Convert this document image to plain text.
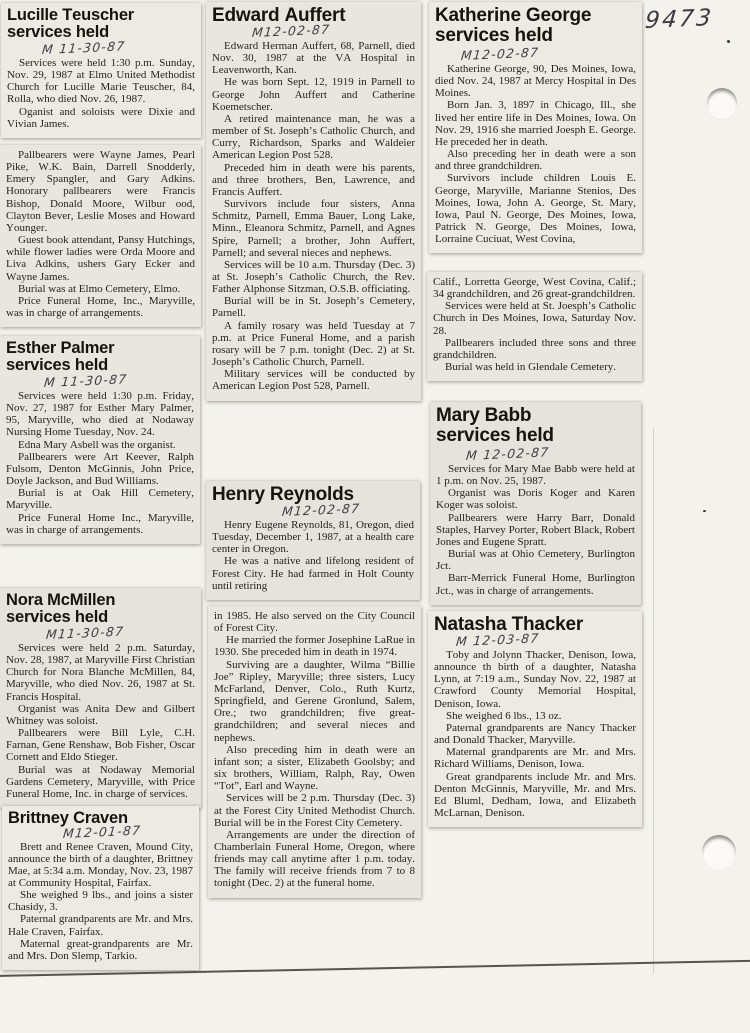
9473
Lucille Teuscher
services held
M 11-30-87

Services were held 1:30 p.m. Sunday, Nov. 29, 1987 at Elmo United Methodist Church for Lucille Marie Teuscher, 84, Rolla, who died Nov. 26, 1987.

Oganist and soloists were Dixie and Vivian James.

Pallbearers were Wayne James, Pearl Pike, W.K. Bain, Darrell Snodderly, Emery Spangler, and Gary Adkins. Honorary pallbearers were Francis Bishop, Donald Moore, Wilbur ood, Clayton Bever, Leslie Moses and Howard Younger.

Guest book attendant, Pansy Hutchings, while flower ladies were Orda Moore and Liva Adkins, ushers Gary Ecker and Wayne James.

Burial was at Elmo Cemetery, Elmo.

Price Funeral Home, Inc., Maryville, was in charge of arrangements.

Esther Palmer
services held
M 11-30-87

Services were held 1:30 p.m. Friday, Nov. 27, 1987 for Esther Mary Palmer, 95, Maryville, who died at Nodaway Nursing Home Tuesday, Nov. 24.

Edna Mary Asbell was the organist.

Pallbearers were Art Keever, Ralph Fulsom, Denton McGinnis, John Price, Doyle Jackson, and Bud Williams.

Burial is at Oak Hill Cemetery, Maryville.

Price Funeral Home Inc., Maryville, was in charge of arrangements.

Nora McMillen
services held
M11-30-87

Services were held 2 p.m. Saturday, Nov. 28, 1987, at Maryville First Christian Church for Nora Blanche McMillen, 84, Maryville, who died Nov. 26, 1987 at St. Francis Hospital.

Organist was Anita Dew and Gilbert Whitney was soloist.

Pallbearers were Bill Lyle, C.H. Farnan, Gene Renshaw, Bob Fisher, Oscar Cornett and Eldo Stieger.

Burial was at Nodaway Memorial Gardens Cemetery, Maryville, with Price Funeral Home, Inc. in charge of services.

Brittney Craven
M12-01-87

Brett and Renee Craven, Mound City, announce the birth of a daughter, Brittney Mae, at 5:34 a.m. Monday, Nov. 23, 1987 at Community Hospital, Fairfax.

She weighed 9 lbs., and joins a sister Chasidy, 3.

Paternal grandparents are Mr. and Mrs. Hale Craven, Fairfax.

Maternal great-grandparents are Mr. and Mrs. Don Slemp, Tarkio.

Edward Auffert
M12-02-87

Edward Herman Auffert, 68, Parnell, died Nov. 30, 1987 at the VA Hospital in Leavenworth, Kan.

He was born Sept. 12, 1919 in Parnell to George John Auffert and Catherine Koemetscher.

A retired maintenance man, he was a member of St. Joseph’s Catholic Church, and Curry, Richardson, Sparks and Waldeier American Legion Post 528.

Preceded him in death were his parents, and three brothers, Ben, Lawrence, and Francis Auffert.

Survivors include four sisters, Anna Schmitz, Parnell, Emma Bauer, Long Lake, Minn., Eleanora Schmitz, Parnell, and Agnes Spire, Parnell; a brother, John Auffert, Parnell; and several nieces and nephews.

Services will be 10 a.m. Thursday (Dec. 3) at St. Joseph’s Catholic Church, the Rev. Father Alphonse Sitzman, O.S.B. officiating.

Burial will be in St. Joseph’s Cemetery, Parnell.

A family rosary was held Tuesday at 7 p.m. at Price Funeral Home, and a parish rosary will be 7 p.m. tonight (Dec. 2) at St. Joseph’s Catholic Church, Parnell.

Military services will be conducted by American Legion Post 528, Parnell.

Henry Reynolds
M12-02-87

Henry Eugene Reynolds, 81, Oregon, died Tuesday, December 1, 1987, at a health care center in Oregon.

He was a native and lifelong resident of Forest City. He had farmed in Holt County until retiring

in 1985. He also served on the City Council of Forest City.

He married the former Josephine LaRue in 1930. She preceded him in death in 1974.

Surviving are a daughter, Wilma “Billie Joe” Ripley, Maryville; three sisters, Lucy McFarland, Denver, Colo., Ruth Kurtz, Springfield, and Gerene Gronlund, Salem, Ore.; two grandchildren; five great-grandchildren; and several nieces and nephews.

Also preceding him in death were an infant son; a sister, Elizabeth Goolsby; and six brothers, William, Ralph, Ray, Owen “Tot”, Earl and Wayne.

Services will be 2 p.m. Thursday (Dec. 3) at the Forest City United Methodist Church. Burial will be in the Forest City Cemetery.

Arrangements are under the direction of Chamberlain Funeral Home, Oregon, where friends may call anytime after 1 p.m. today. The family will receive friends from 7 to 8 tonight (Dec. 2) at the funeral home.

Katherine George
services held
M12-02-87

Katherine George, 90, Des Moines, Iowa, died Nov. 24, 1987 at Mercy Hospital in Des Moines.

Born Jan. 3, 1897 in Chicago, Ill., she lived her entire life in Des Moines, Iowa. On Nov. 29, 1916 she married Joesph E. George. He preceded her in death.

Also preceding her in death were a son and three grandchildren.

Survivors include children Louis E. George, Maryville, Marianne Stenios, Des Moines, Iowa, John A. George, St. Mary, Iowa, Paul N. George, Des Moines, Iowa, Patrick N. George, Des Moines, Iowa, Lorraine Cuciuat, West Covina,

Calif., Lorretta George, West Covina, Calif.; 34 grandchildren, and 26 great-grandchildren.

Services were held at St. Joesph’s Catholic Church in Des Moines, Iowa, Saturday Nov. 28.

Pallbearers included three sons and three grandchildren.

Burial was held in Glendale Cemetery.

Mary Babb
services held
M 12-02-87

Services for Mary Mae Babb were held at 1 p.m. on Nov. 25, 1987.

Organist was Doris Koger and Karen Koger was soloist.

Pallbearers were Harry Barr, Donald Staples, Harvey Porter, Robert Black, Robert Jones and Eugene Spratt.

Burial was at Ohio Cemetery, Burlington Jct.

Barr-Merrick Funeral Home, Burlington Jct., was in charge of arrangements.

Natasha Thacker
M 12-03-87

Toby and Jolynn Thacker, Denison, Iowa, announce th birth of a daughter, Natasha Lynn, at 7:19 a.m., Sunday Nov. 22, 1987 at Crawford County Memorial Hospital, Denison, Iowa.

She weighed 6 lbs., 13 oz.

Paternal grandparents are Nancy Thacker and Donald Thacker, Maryville.

Maternal grandparents are Mr. and Mrs. Richard Williams, Denison, Iowa.

Great grandparents include Mr. and Mrs. Denton McGinnis, Maryville, Mr. and Mrs. Ed Bluml, Dedham, Iowa, and Elizabeth McLarnan, Denison.
